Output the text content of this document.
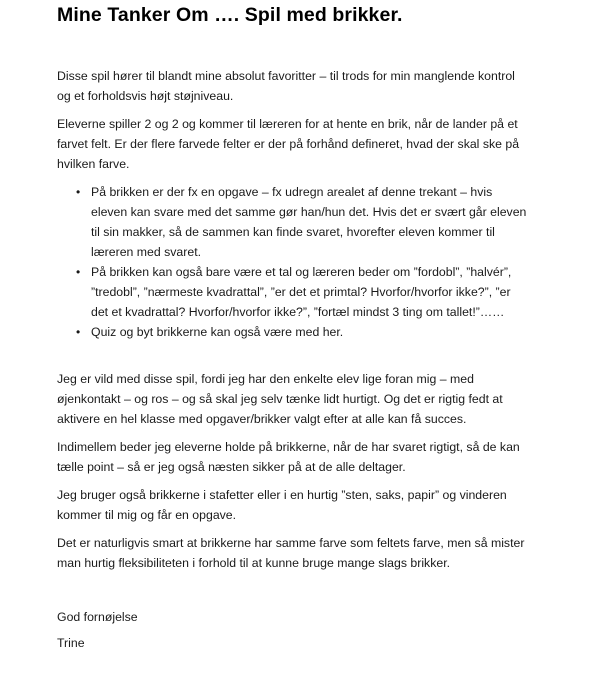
Mine Tanker Om …. Spil med brikker.

Disse spil hører til blandt mine absolut favoritter – til trods for min manglende kontrol og et forholdsvis højt støjniveau.

Eleverne spiller 2 og 2 og kommer til læreren for at hente en brik, når de lander på et farvet felt. Er der flere farvede felter er der på forhånd defineret, hvad der skal ske på hvilken farve.

• På brikken er der fx en opgave – fx udregn arealet af denne trekant – hvis eleven kan svare med det samme gør han/hun det. Hvis det er svært går eleven til sin makker, så de sammen kan finde svaret, hvorefter eleven kommer til læreren med svaret.
• På brikken kan også bare være et tal og læreren beder om ”fordobl”, ”halvér”, ”tredobl”, ”nærmeste kvadrattal”, ”er det et primtal? Hvorfor/hvorfor ikke?”, ”er det et kvadrattal? Hvorfor/hvorfor ikke?”, ”fortæl mindst 3 ting om tallet!”……
• Quiz og byt brikkerne kan også være med her.

Jeg er vild med disse spil, fordi jeg har den enkelte elev lige foran mig – med øjenkontakt – og ros – og så skal jeg selv tænke lidt hurtigt. Og det er rigtig fedt at aktivere en hel klasse med opgaver/brikker valgt efter at alle kan få succes.

Indimellem beder jeg eleverne holde på brikkerne, når de har svaret rigtigt, så de kan tælle point – så er jeg også næsten sikker på at de alle deltager.

Jeg bruger også brikkerne i stafetter eller i en hurtig ”sten, saks, papir” og vinderen kommer til mig og får en opgave.

Det er naturligvis smart at brikkerne har samme farve som feltets farve, men så mister man hurtig fleksibiliteten i forhold til at kunne bruge mange slags brikker.

God fornøjelse

Trine
